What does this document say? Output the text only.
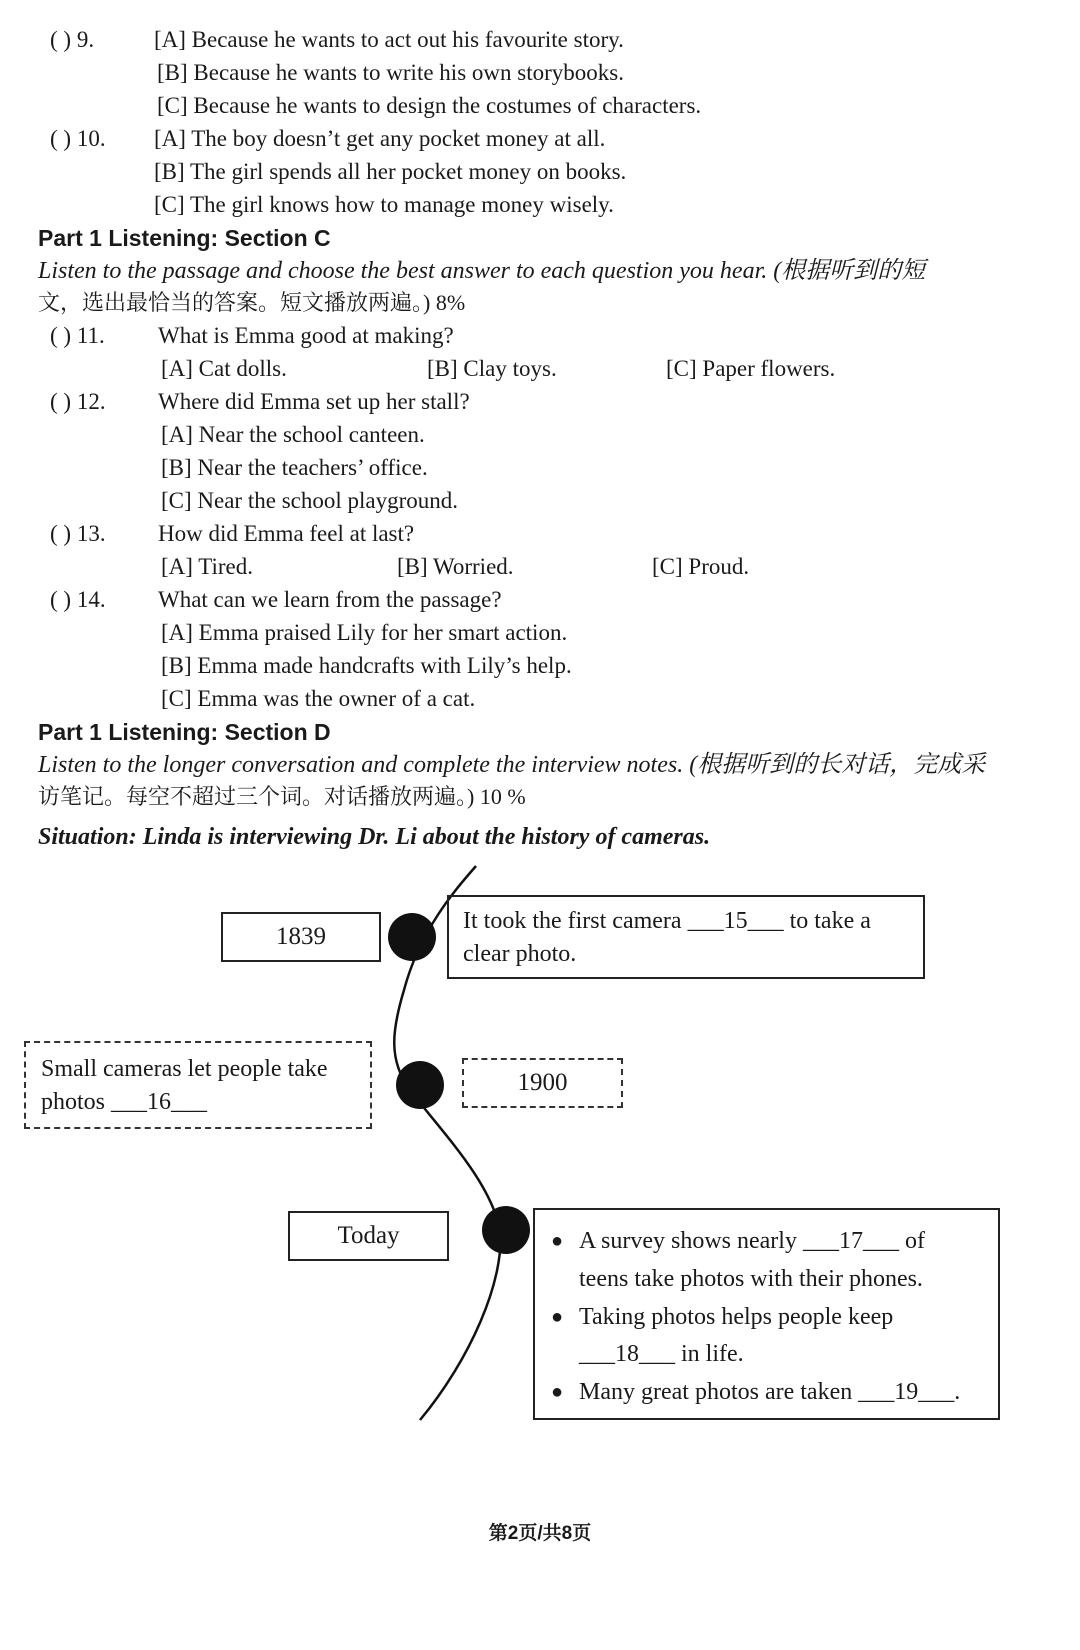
( ) 9.	[A] Because he wants to act out his favourite story.
[B] Because he wants to write his own storybooks.
[C] Because he wants to design the costumes of characters.
( ) 10. [A] The boy doesn’t get any pocket money at all.
[B] The girl spends all her pocket money on books.
[C] The girl knows how to manage money wisely.
Part 1 Listening: Section C
Listen to the passage and choose the best answer to each question you hear. (根据听到的短
文，选出最恰当的答案。短文播放两遍。) 8%
( ) 11. What is Emma good at making?
[A] Cat dolls.	[B] Clay toys.	[C] Paper flowers.
( ) 12. Where did Emma set up her stall?
[A] Near the school canteen.
[B] Near the teachers’ office.
[C] Near the school playground.
( ) 13. How did Emma feel at last?
[A] Tired.	[B] Worried.	[C] Proud.
( ) 14. What can we learn from the passage?
[A] Emma praised Lily for her smart action.
[B] Emma made handcrafts with Lily’s help.
[C] Emma was the owner of a cat.
Part 1 Listening: Section D
Listen to the longer conversation and complete the interview notes. (根据听到的长对话，完成采
访笔记。每空不超过三个词。对话播放两遍。) 10 %
Situation: Linda is interviewing Dr. Li about the history of cameras.
1839
It took the first camera ___15___ to take a
clear photo.
Small cameras let people take
photos ___16___
1900
Today	● A survey shows nearly ___17___ of
teens take photos with their phones.
● Taking photos helps people keep
___18___ in life.
● Many great photos are taken ___19___.
第2页/共8页
